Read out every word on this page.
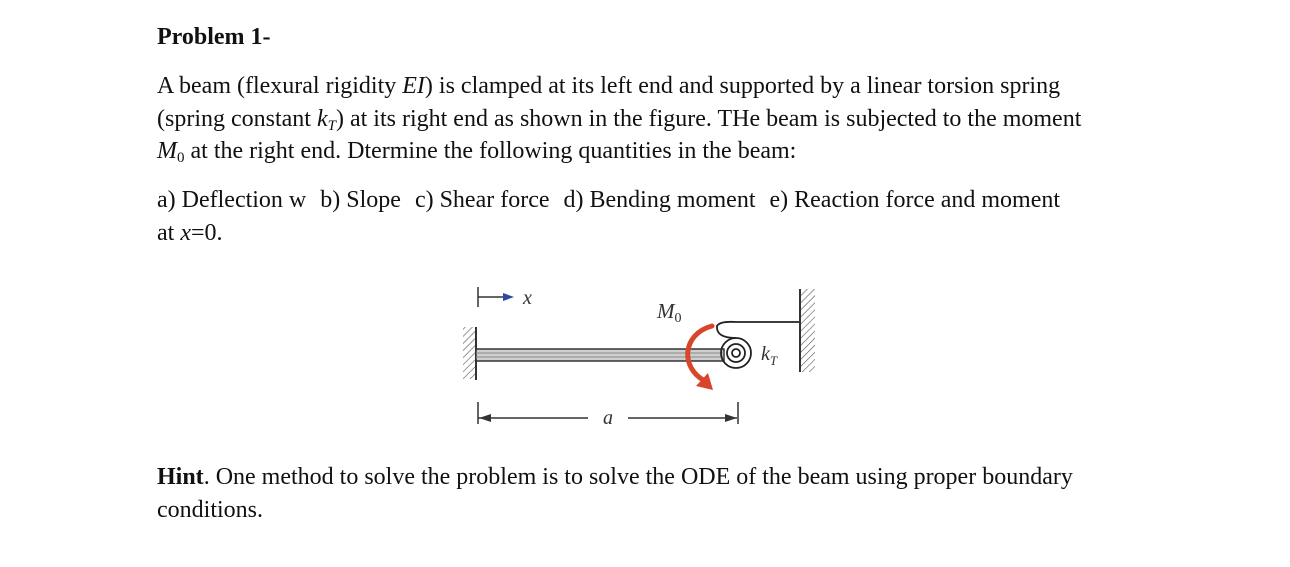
Problem 1-

A beam (flexural rigidity EI) is clamped at its left end and supported by a linear torsion spring
(spring constant $k_T$) at its right end as shown in the figure. THe beam is subjected to the moment
$M_0$ at the right end. Dtermine the following quantities in the beam:

a) Deflection w b) Slope c) Shear force d) Bending moment e) Reaction force and moment
at x=0.

x
$k_T$
M0
a

Hint. One method to solve the problem is to solve the ODE of the beam using proper boundary
conditions.
